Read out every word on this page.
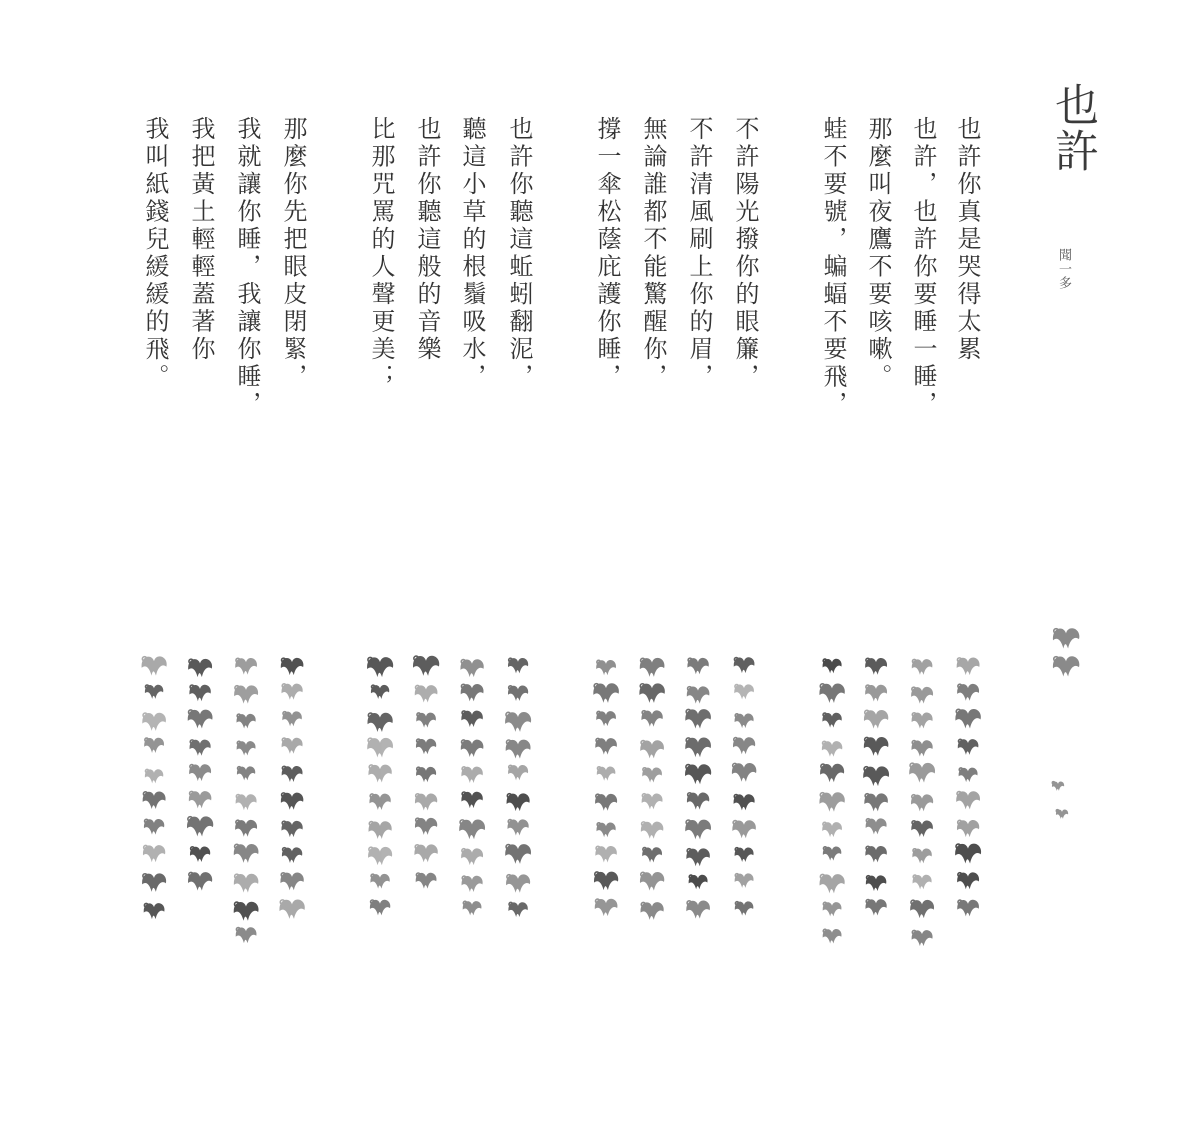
也許
聞一多
也許你真是哭得太累
也許，也許你要睡一睡，
那麼叫夜鷹不要咳嗽。
蛙不要號，蝙蝠不要飛，
不許陽光撥你的眼簾，
不許清風刷上你的眉，
無論誰都不能驚醒你，
撐一傘松蔭庇護你睡，
也許你聽這蚯蚓翻泥，
聽這小草的根鬚吸水，
也許你聽這般的音樂
比那咒罵的人聲更美；
那麼你先把眼皮閉緊，
我就讓你睡，我讓你睡，
我把黃土輕輕蓋著你
我叫紙錢兒緩緩的飛。
